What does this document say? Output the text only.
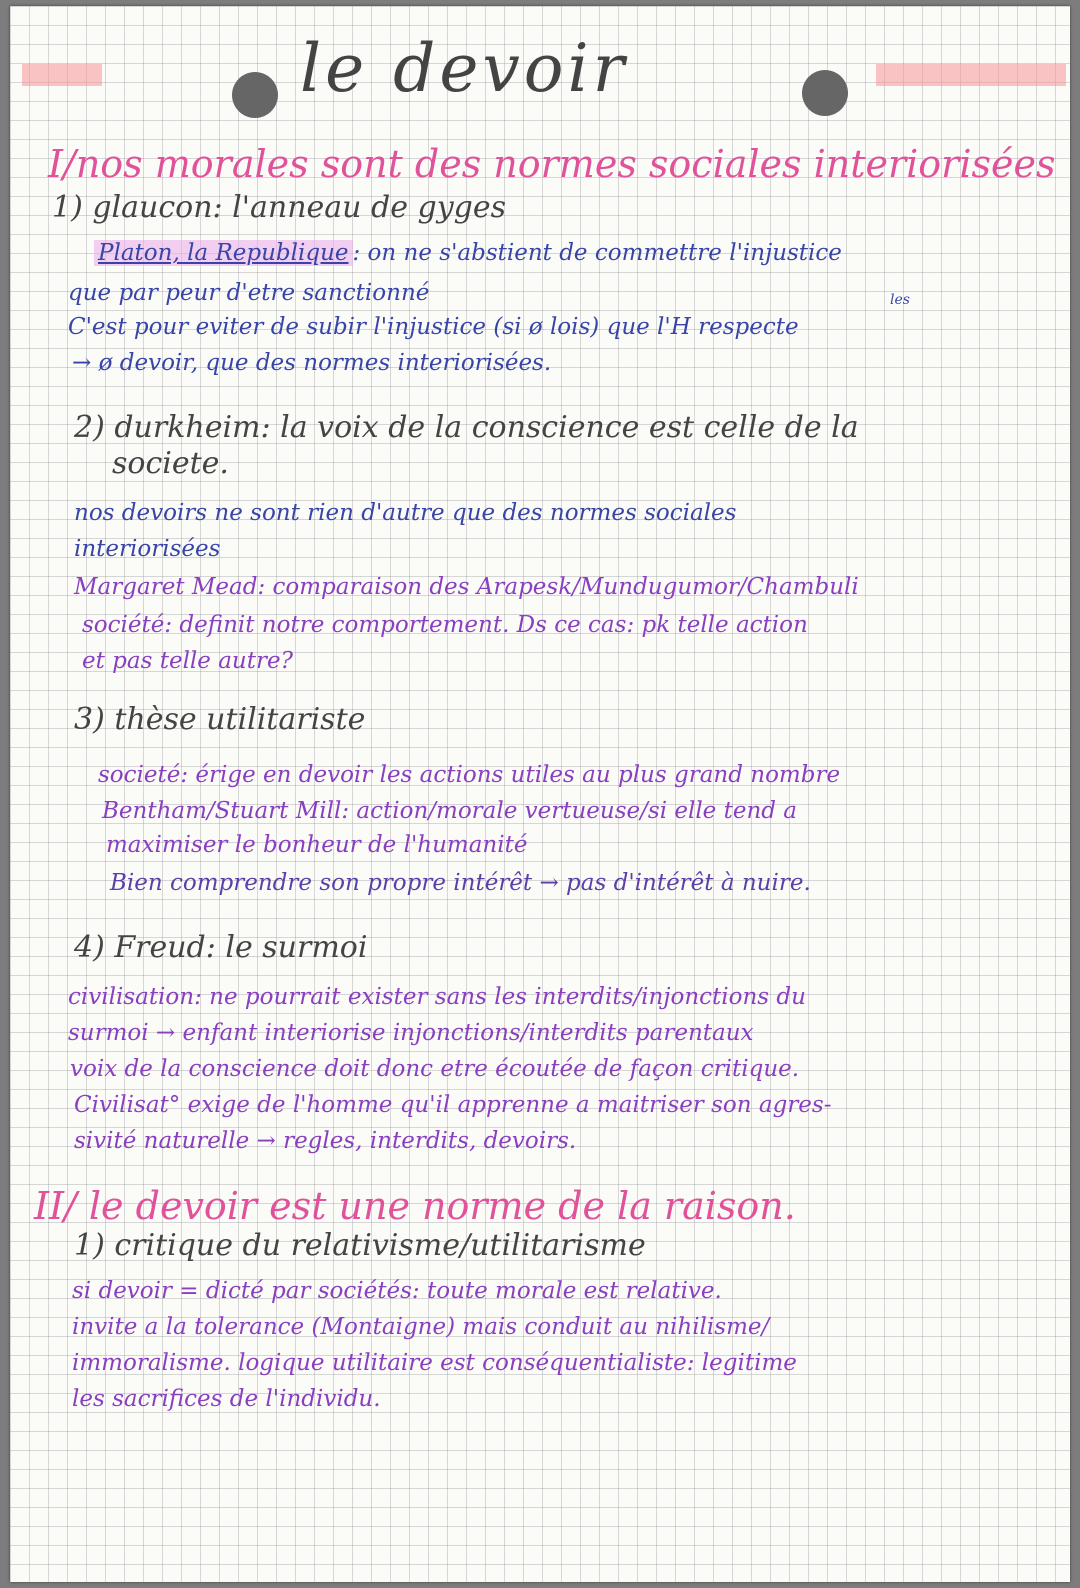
le devoir
I/nos morales sont des normes sociales interiorisées
1) glaucon: l'anneau de gyges
Platon, la Republique : on ne s'abstient de commettre l'injustice
que par peur d'etre sanctionné	les
C'est pour eviter de subir l'injustice (si ø lois) que l'H respecte
→ ø devoir, que des normes interiorisées.
2) durkheim: la voix de la conscience est celle de la
societe.
nos devoirs ne sont rien d'autre que des normes sociales
interiorisées
Margaret Mead: comparaison des Arapesk/Mundugumor/Chambuli
société: definit notre comportement. Ds ce cas: pk telle action
et pas telle autre?
3) thèse utilitariste
societé: érige en devoir les actions utiles au plus grand nombre
Bentham/Stuart Mill: action/morale vertueuse/si elle tend a
maximiser le bonheur de l'humanité
Bien comprendre son propre intérêt → pas d'intérêt à nuire.
4) Freud: le surmoi
civilisation: ne pourrait exister sans les interdits/injonctions du
surmoi → enfant interiorise injonctions/interdits parentaux
voix de la conscience doit donc etre écoutée de façon critique.
Civilisat° exige de l'homme qu'il apprenne a maitriser son agres-
sivité naturelle → regles, interdits, devoirs.
II/ le devoir est une norme de la raison.
1) critique du relativisme/utilitarisme
si devoir = dicté par sociétés: toute morale est relative.
invite a la tolerance (Montaigne) mais conduit au nihilisme/
immoralisme. logique utilitaire est conséquentialiste: legitime
les sacrifices de l'individu.
